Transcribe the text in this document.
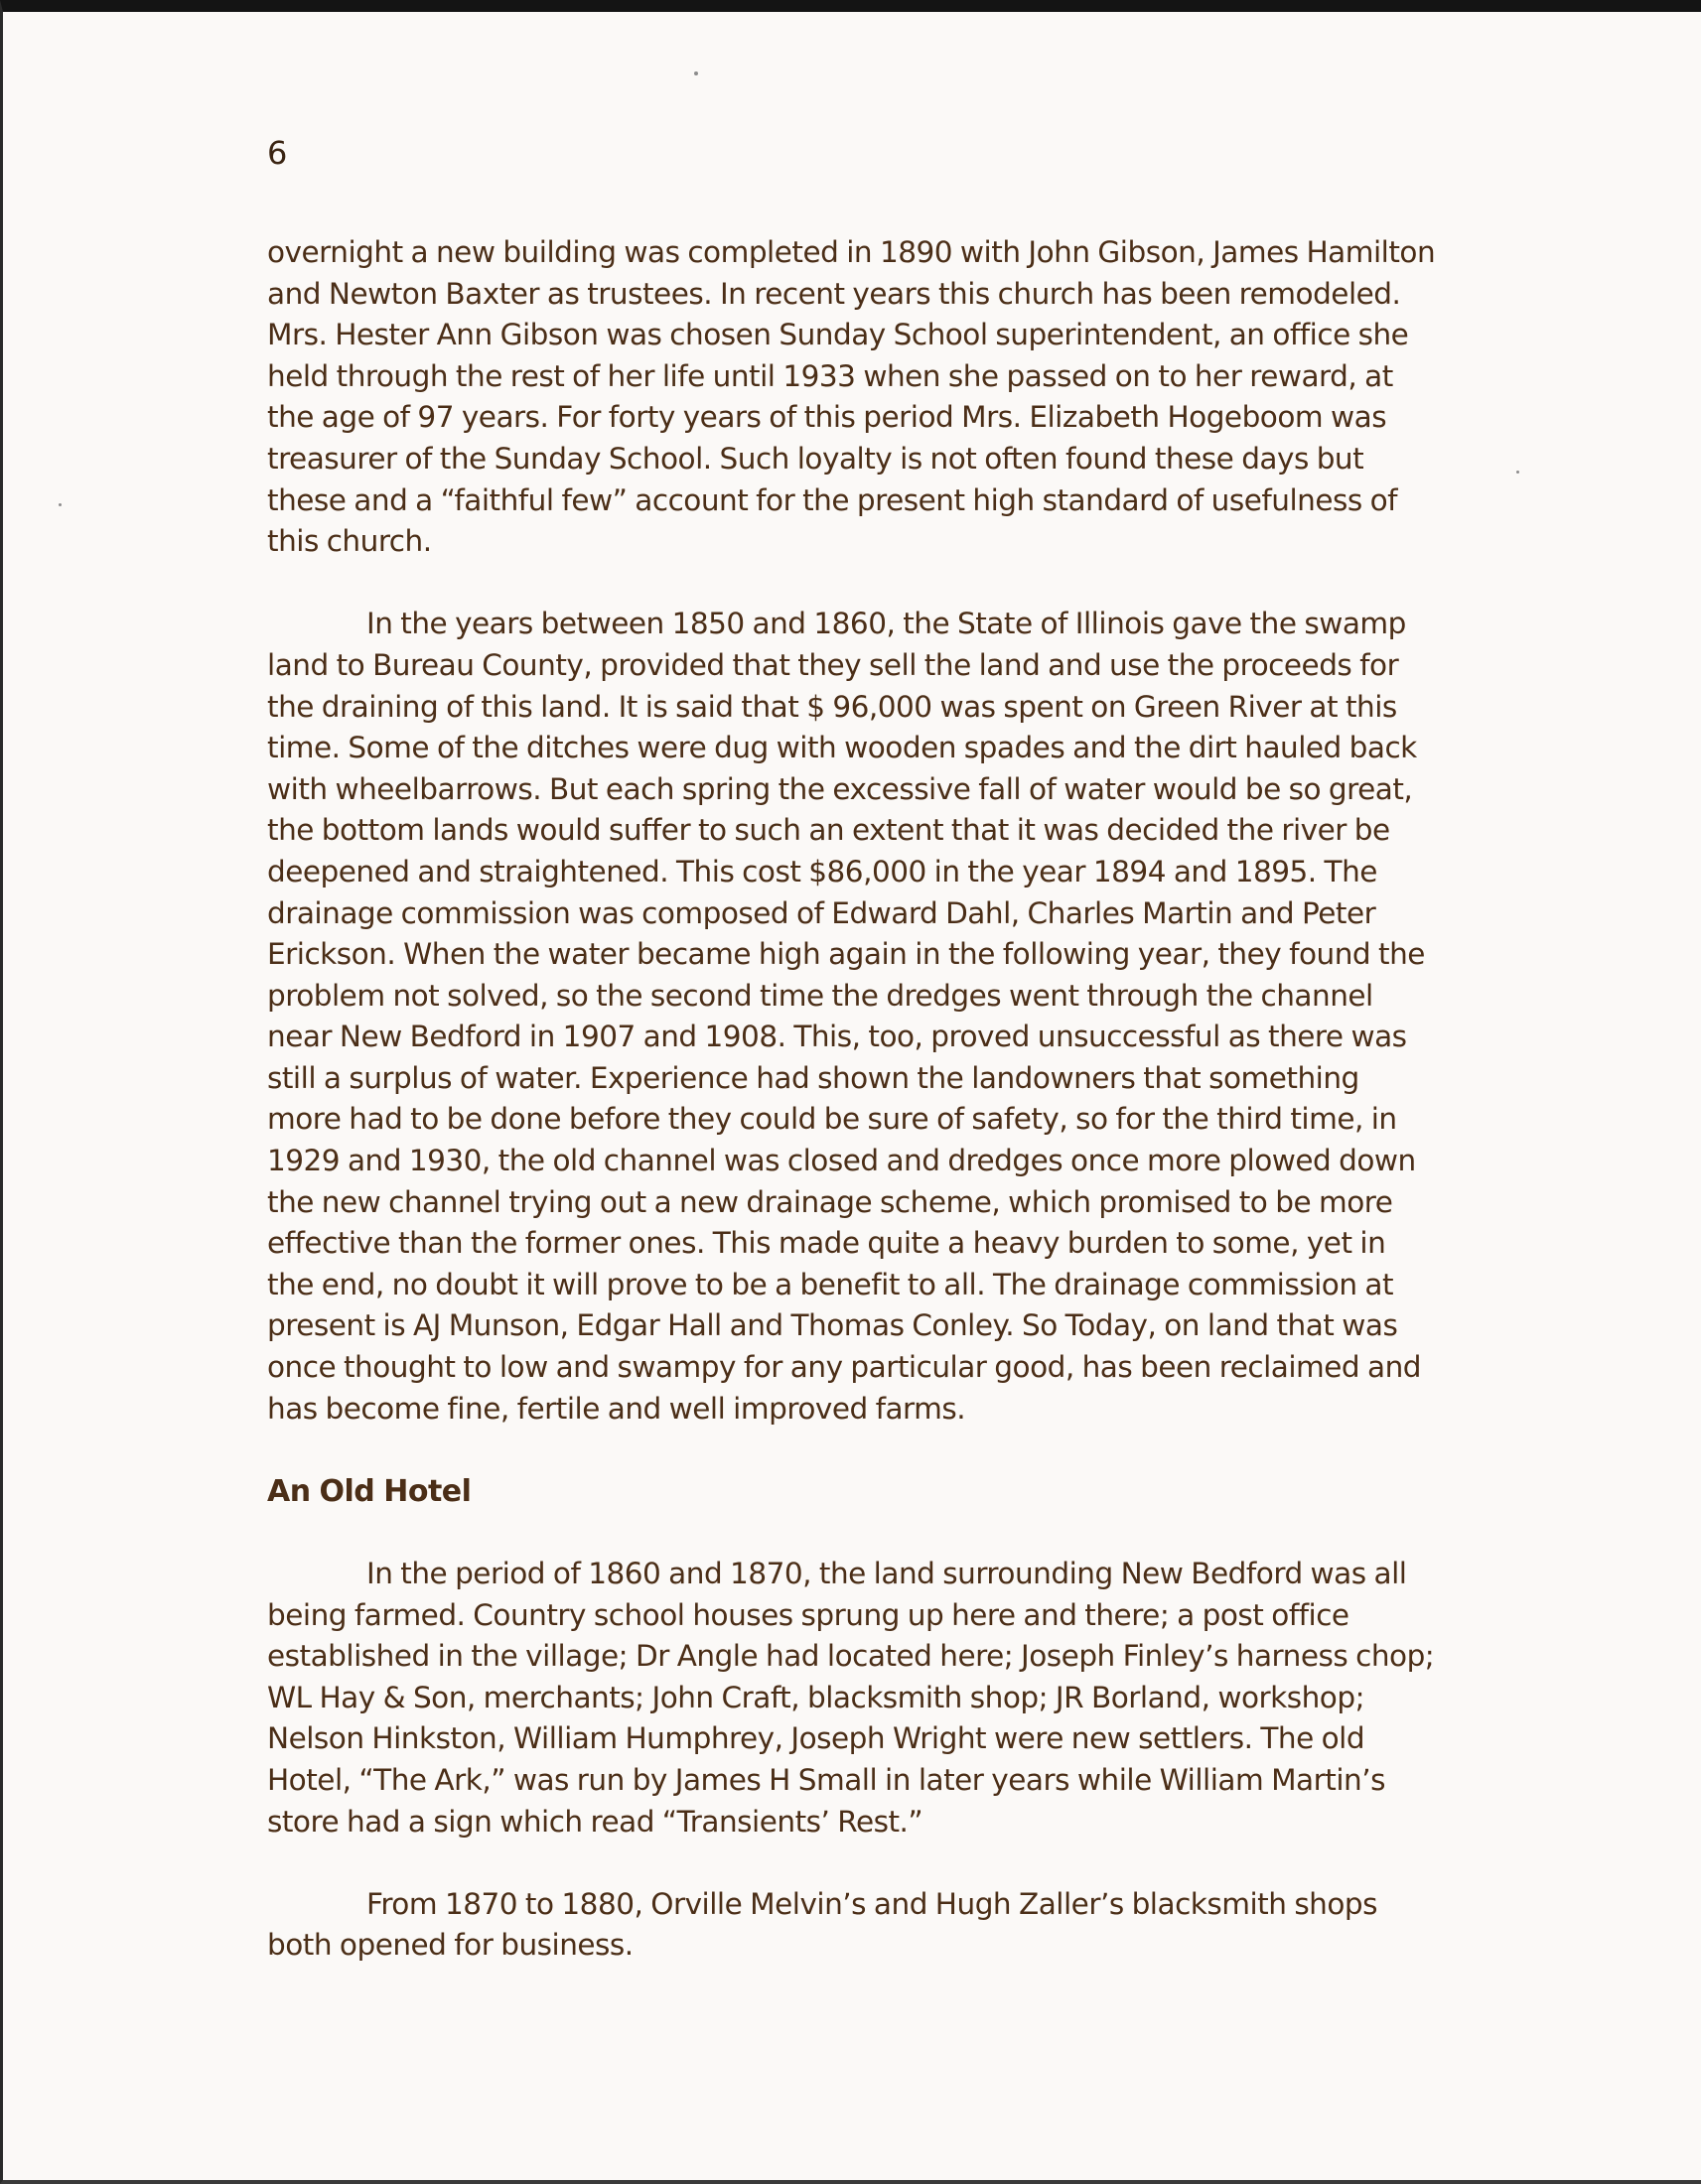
6

overnight a new building was completed in 1890 with John Gibson, James Hamilton and Newton Baxter as trustees. In recent years this church has been remodeled. Mrs. Hester Ann Gibson was chosen Sunday School superintendent, an office she held through the rest of her life until 1933 when she passed on to her reward, at the age of 97 years. For forty years of this period Mrs. Elizabeth Hogeboom was treasurer of the Sunday School. Such loyalty is not often found these days but these and a “faithful few” account for the present high standard of usefulness of this church.

In the years between 1850 and 1860, the State of Illinois gave the swamp land to Bureau County, provided that they sell the land and use the proceeds for the draining of this land. It is said that $ 96,000 was spent on Green River at this time. Some of the ditches were dug with wooden spades and the dirt hauled back with wheelbarrows. But each spring the excessive fall of water would be so great, the bottom lands would suffer to such an extent that it was decided the river be deepened and straightened. This cost $86,000 in the year 1894 and 1895. The drainage commission was composed of Edward Dahl, Charles Martin and Peter Erickson. When the water became high again in the following year, they found the problem not solved, so the second time the dredges went through the channel near New Bedford in 1907 and 1908. This, too, proved unsuccessful as there was still a surplus of water. Experience had shown the landowners that something more had to be done before they could be sure of safety, so for the third time, in 1929 and 1930, the old channel was closed and dredges once more plowed down the new channel trying out a new drainage scheme, which promised to be more effective than the former ones. This made quite a heavy burden to some, yet in the end, no doubt it will prove to be a benefit to all. The drainage commission at present is AJ Munson, Edgar Hall and Thomas Conley. So Today, on land that was once thought to low and swampy for any particular good, has been reclaimed and has become fine, fertile and well improved farms.

An Old Hotel

In the period of 1860 and 1870, the land surrounding New Bedford was all being farmed. Country school houses sprung up here and there; a post office established in the village; Dr Angle had located here; Joseph Finley’s harness chop; WL Hay & Son, merchants; John Craft, blacksmith shop; JR Borland, workshop; Nelson Hinkston, William Humphrey, Joseph Wright were new settlers. The old Hotel, “The Ark,” was run by James H Small in later years while William Martin’s store had a sign which read “Transients’ Rest.”

From 1870 to 1880, Orville Melvin’s and Hugh Zaller’s blacksmith shops both opened for business.
